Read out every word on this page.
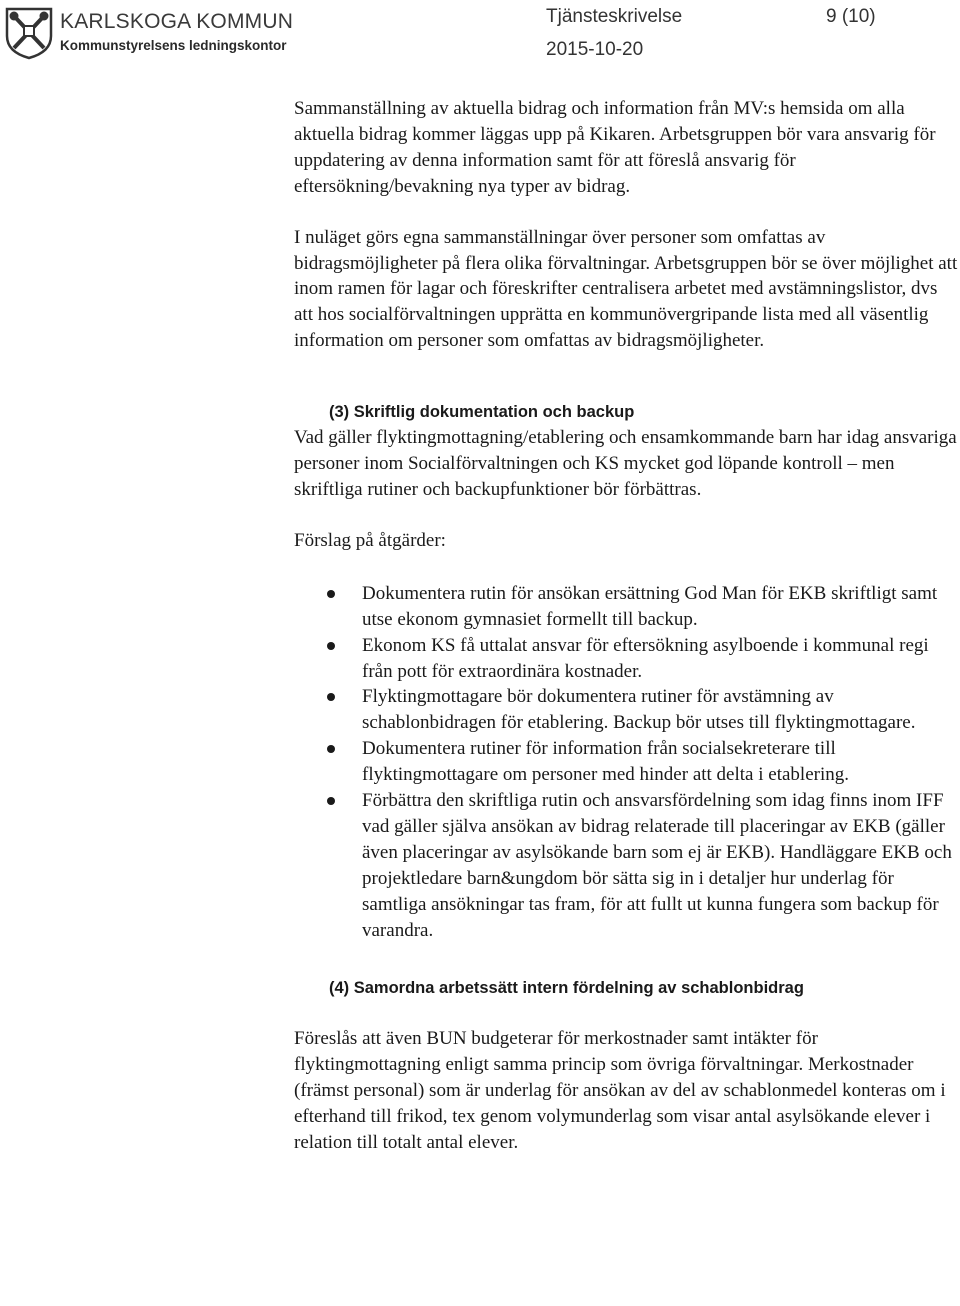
KARLSKOGA KOMMUN
Kommunstyrelsens ledningskontor
Tjänsteskrivelse	9 (10)
2015-10-20

Sammanställning av aktuella bidrag och information från MV:s hemsida om alla aktuella bidrag kommer läggas upp på Kikaren. Arbetsgruppen bör vara ansvarig för uppdatering av denna information samt för att föreslå ansvarig för eftersökning/bevakning nya typer av bidrag.

I nuläget görs egna sammanställningar över personer som omfattas av bidragsmöjligheter på flera olika förvaltningar. Arbetsgruppen bör se över möjlighet att inom ramen för lagar och föreskrifter centralisera arbetet med avstämningslistor, dvs att hos socialförvaltningen upprätta en kommunövergripande lista med all väsentlig information om personer som omfattas av bidragsmöjligheter.

(3) Skriftlig dokumentation och backup

Vad gäller flyktingmottagning/etablering och ensamkommande barn har idag ansvariga personer inom Socialförvaltningen och KS mycket god löpande kontroll – men skriftliga rutiner och backupfunktioner bör förbättras.

Förslag på åtgärder:

Dokumentera rutin för ansökan ersättning God Man för EKB skriftligt samt utse ekonom gymnasiet formellt till backup.
Ekonom KS få uttalat ansvar för eftersökning asylboende i kommunal regi från pott för extraordinära kostnader.
Flyktingmottagare bör dokumentera rutiner för avstämning av schablonbidragen för etablering. Backup bör utses till flyktingmottagare.
Dokumentera rutiner för information från socialsekreterare till flyktingmottagare om personer med hinder att delta i etablering.
Förbättra den skriftliga rutin och ansvarsfördelning som idag finns inom IFF vad gäller själva ansökan av bidrag relaterade till placeringar av EKB (gäller även placeringar av asylsökande barn som ej är EKB). Handläggare EKB och projektledare barn&ungdom bör sätta sig in i detaljer hur underlag för samtliga ansökningar tas fram, för att fullt ut kunna fungera som backup för varandra.
(4) Samordna arbetssätt intern fördelning av schablonbidrag

Föreslås att även BUN budgeterar för merkostnader samt intäkter för flyktingmottagning enligt samma princip som övriga förvaltningar. Merkostnader (främst personal) som är underlag för ansökan av del av schablonmedel konteras om i efterhand till frikod, tex genom volymunderlag som visar antal asylsökande elever i relation till totalt antal elever.
